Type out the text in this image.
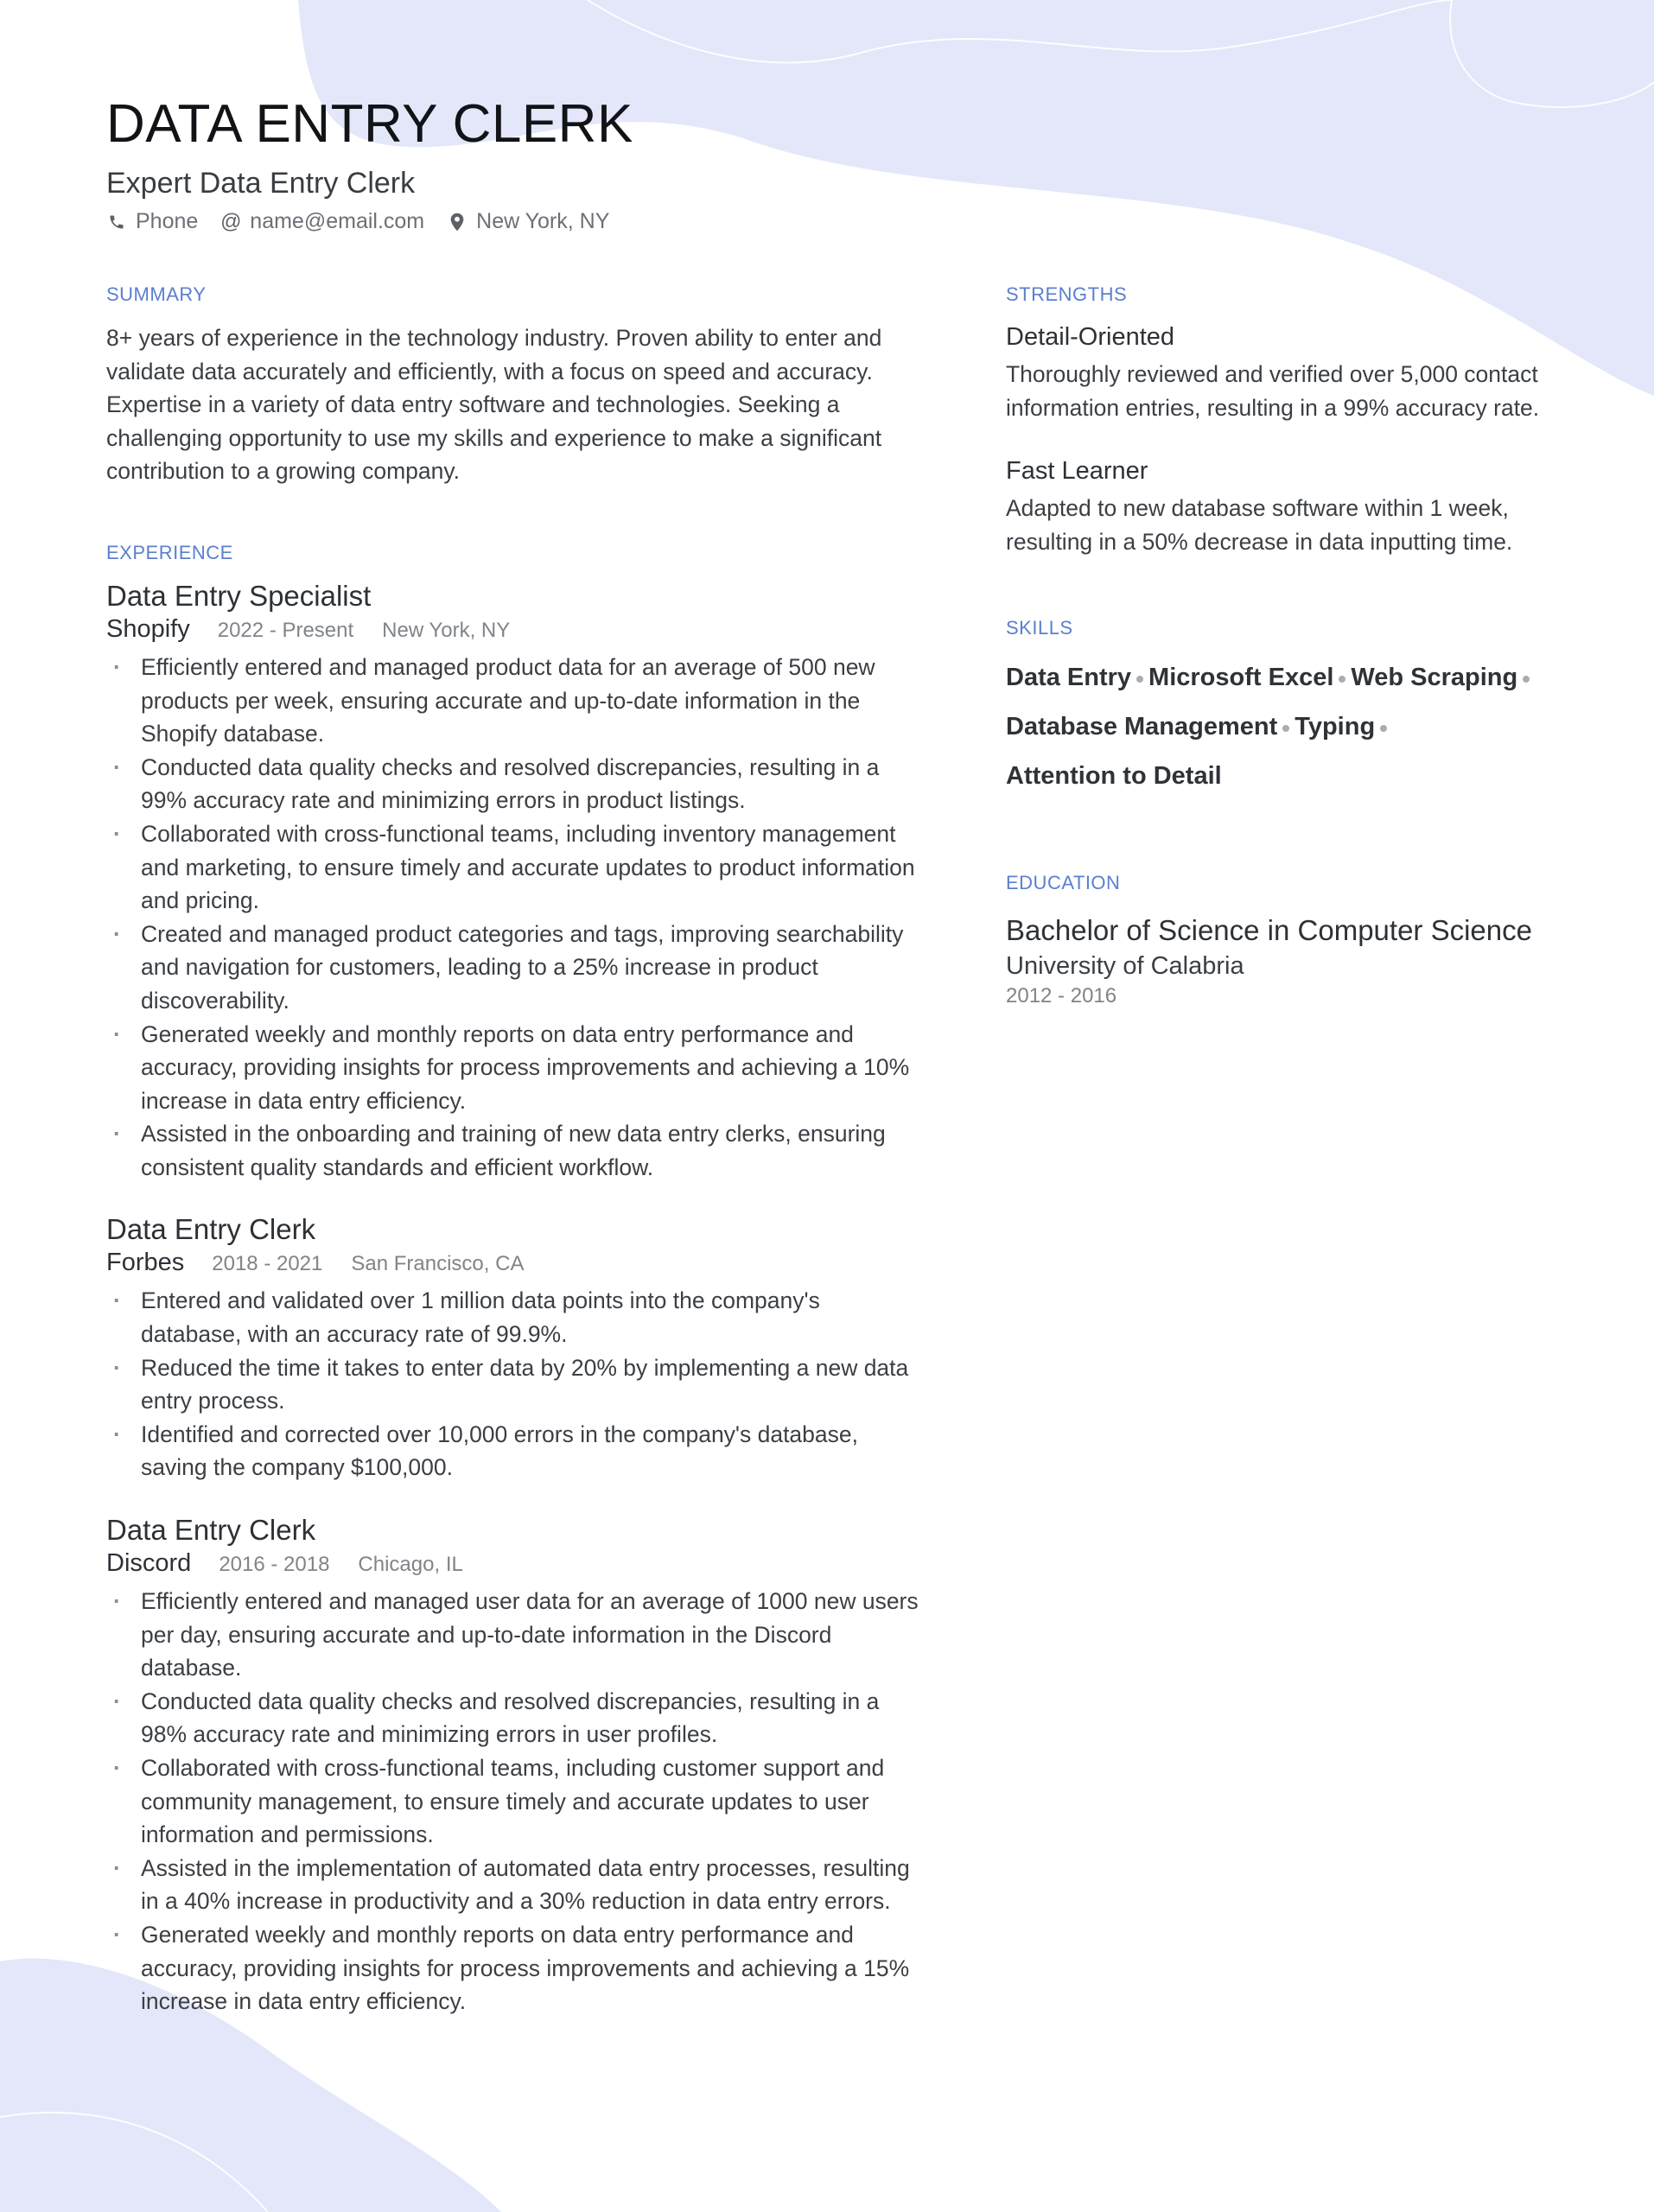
DATA ENTRY CLERK
Expert Data Entry Clerk
Phone @ name@email.com New York, NY
SUMMARY

8+ years of experience in the technology industry. Proven ability to enter and validate data accurately and efficiently, with a focus on speed and accuracy. Expertise in a variety of data entry software and technologies. Seeking a challenging opportunity to use my skills and experience to make a significant contribution to a growing company.

EXPERIENCE
Data Entry Specialist
Shopify 2022 - Present New York, NY
· Efficiently entered and managed product data for an average of 500 new products per week, ensuring accurate and up-to-date information in the Shopify database.
· Conducted data quality checks and resolved discrepancies, resulting in a 99% accuracy rate and minimizing errors in product listings.
· Collaborated with cross-functional teams, including inventory management and marketing, to ensure timely and accurate updates to product information and pricing.
· Created and managed product categories and tags, improving searchability and navigation for customers, leading to a 25% increase in product discoverability.
· Generated weekly and monthly reports on data entry performance and accuracy, providing insights for process improvements and achieving a 10% increase in data entry efficiency.
· Assisted in the onboarding and training of new data entry clerks, ensuring consistent quality standards and efficient workflow.
Data Entry Clerk
Forbes 2018 - 2021 San Francisco, CA
· Entered and validated over 1 million data points into the company's database, with an accuracy rate of 99.9%.
· Reduced the time it takes to enter data by 20% by implementing a new data entry process.
· Identified and corrected over 10,000 errors in the company's database, saving the company $100,000.
Data Entry Clerk
Discord 2016 - 2018 Chicago, IL
· Efficiently entered and managed user data for an average of 1000 new users per day, ensuring accurate and up-to-date information in the Discord database.
· Conducted data quality checks and resolved discrepancies, resulting in a 98% accuracy rate and minimizing errors in user profiles.
· Collaborated with cross-functional teams, including customer support and community management, to ensure timely and accurate updates to user information and permissions.
· Assisted in the implementation of automated data entry processes, resulting in a 40% increase in productivity and a 30% reduction in data entry errors.
· Generated weekly and monthly reports on data entry performance and accuracy, providing insights for process improvements and achieving a 15% increase in data entry efficiency.
STRENGTHS
Detail-Oriented
Thoroughly reviewed and verified over 5,000 contact information entries, resulting in a 99% accuracy rate.
Fast Learner
Adapted to new database software within 1 week, resulting in a 50% decrease in data inputting time.
SKILLS
Data Entry Microsoft Excel Web Scraping
Database Management Typing
Attention to Detail
EDUCATION
Bachelor of Science in Computer Science
University of Calabria
2012 - 2016
